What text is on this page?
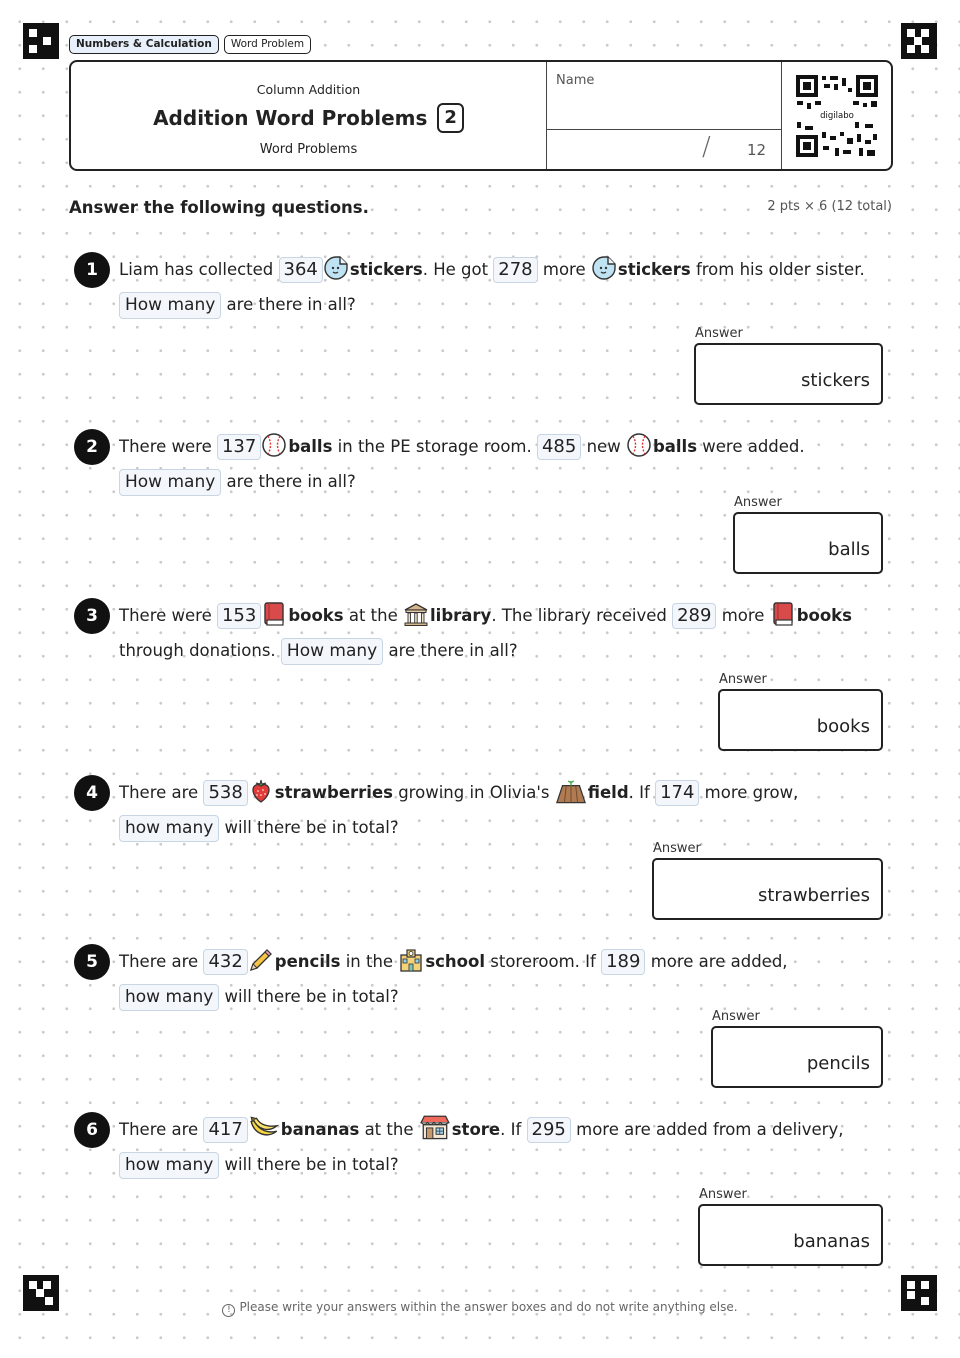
Numbers & Calculation	Word Problem
Column Addition
Addition Word Problems 2
Word Problems
Name
/ 12
digilabo
Answer the following questions.	2 pts × 6 (12 total)
1	Liam has collected 364 stickers. He got 278 more stickers from his older sister. How many are there in all?
Answer
stickers
2	There were 137 balls in the PE storage room. 485 new balls were added. How many are there in all?
Answer
balls
3	There were 153 books at the library. The library received 289 more books through donations. How many are there in all?
Answer
books
4	There are 538 strawberries growing in Olivia's field. If 174 more grow, how many will there be in total?
Answer
strawberries
5	There are 432 pencils in the school storeroom. If 189 more are added, how many will there be in total?
Answer
pencils
6	There are 417 bananas at the store. If 295 more are added from a delivery, how many will there be in total?
Answer
bananas
! Please write your answers within the answer boxes and do not write anything else.
